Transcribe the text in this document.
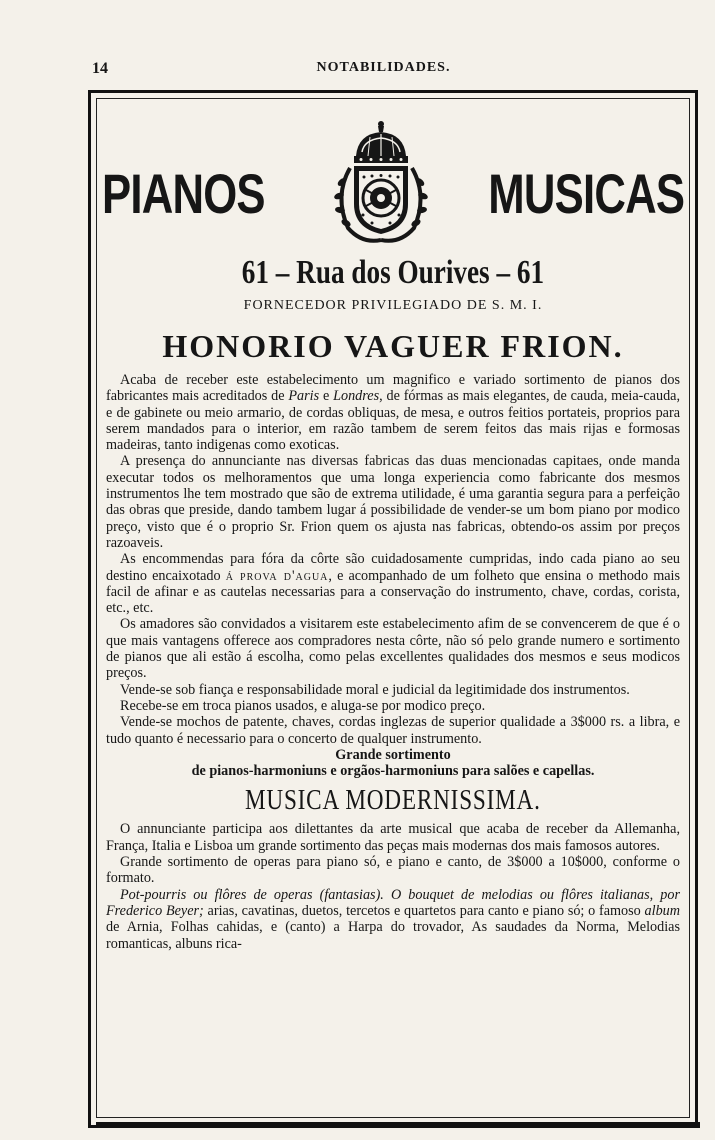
14	NOTABILIDADES.
PIANOS	MUSICAS
61 – Rua dos Ourives – 61
FORNECEDOR PRIVILEGIADO DE S. M. I.
HONORIO VAGUER FRION.

Acaba de receber este estabelecimento um magnifico e variado sortimento de pianos dos fabricantes mais acreditados de Paris e Londres, de fórmas as mais elegantes, de cauda, meia-cauda, e de gabinete ou meio armario, de cordas obliquas, de mesa, e outros feitios portateis, proprios para serem mandados para o interior, em razão tambem de serem feitos das mais rijas e formosas madeiras, tanto indigenas como exoticas.

A presença do annunciante nas diversas fabricas das duas mencionadas capitaes, onde manda executar todos os melhoramentos que uma longa experiencia como fabricante dos mesmos instrumentos lhe tem mostrado que são de extrema utilidade, é uma garantia segura para a perfeição das obras que preside, dando tambem lugar á possibilidade de vender-se um bom piano por modico preço, visto que é o proprio Sr. Frion quem os ajusta nas fabricas, obtendo-os assim por preços razoaveis.

As encommendas para fóra da côrte são cuidadosamente cumpridas, indo cada piano ao seu destino encaixotado á prova d'agua, e acompanhado de um folheto que ensina o methodo mais facil de afinar e as cautelas necessarias para a conservação do instrumento, chave, cordas, corista, etc., etc.

Os amadores são convidados a visitarem este estabelecimento afim de se convencerem de que é o que mais vantagens offerece aos compradores nesta côrte, não só pelo grande numero e sortimento de pianos que ali estão á escolha, como pelas excellentes qualidades dos mesmos e seus modicos preços.

Vende-se sob fiança e responsabilidade moral e judicial da legitimidade dos instrumentos.

Recebe-se em troca pianos usados, e aluga-se por modico preço.

Vende-se mochos de patente, chaves, cordas inglezas de superior qualidade a 3$000 rs. a libra, e tudo quanto é necessario para o concerto de qualquer instrumento.

Grande sortimento

de pianos-harmoniuns e orgãos-harmoniuns para salões e capellas.

MUSICA MODERNISSIMA.

O annunciante participa aos dilettantes da arte musical que acaba de receber da Allemanha, França, Italia e Lisboa um grande sortimento das peças mais modernas dos mais famosos autores.

Grande sortimento de operas para piano só, e piano e canto, de 3$000 a 10$000, conforme o formato.

Pot-pourris ou flôres de operas (fantasias). O bouquet de melodias ou flôres italianas, por Frederico Beyer; arias, cavatinas, duetos, tercetos e quartetos para canto e piano só; o famoso album de Arnia, Folhas cahidas, e (canto) a Harpa do trovador, As saudades da Norma, Melodias romanticas, albuns rica-
